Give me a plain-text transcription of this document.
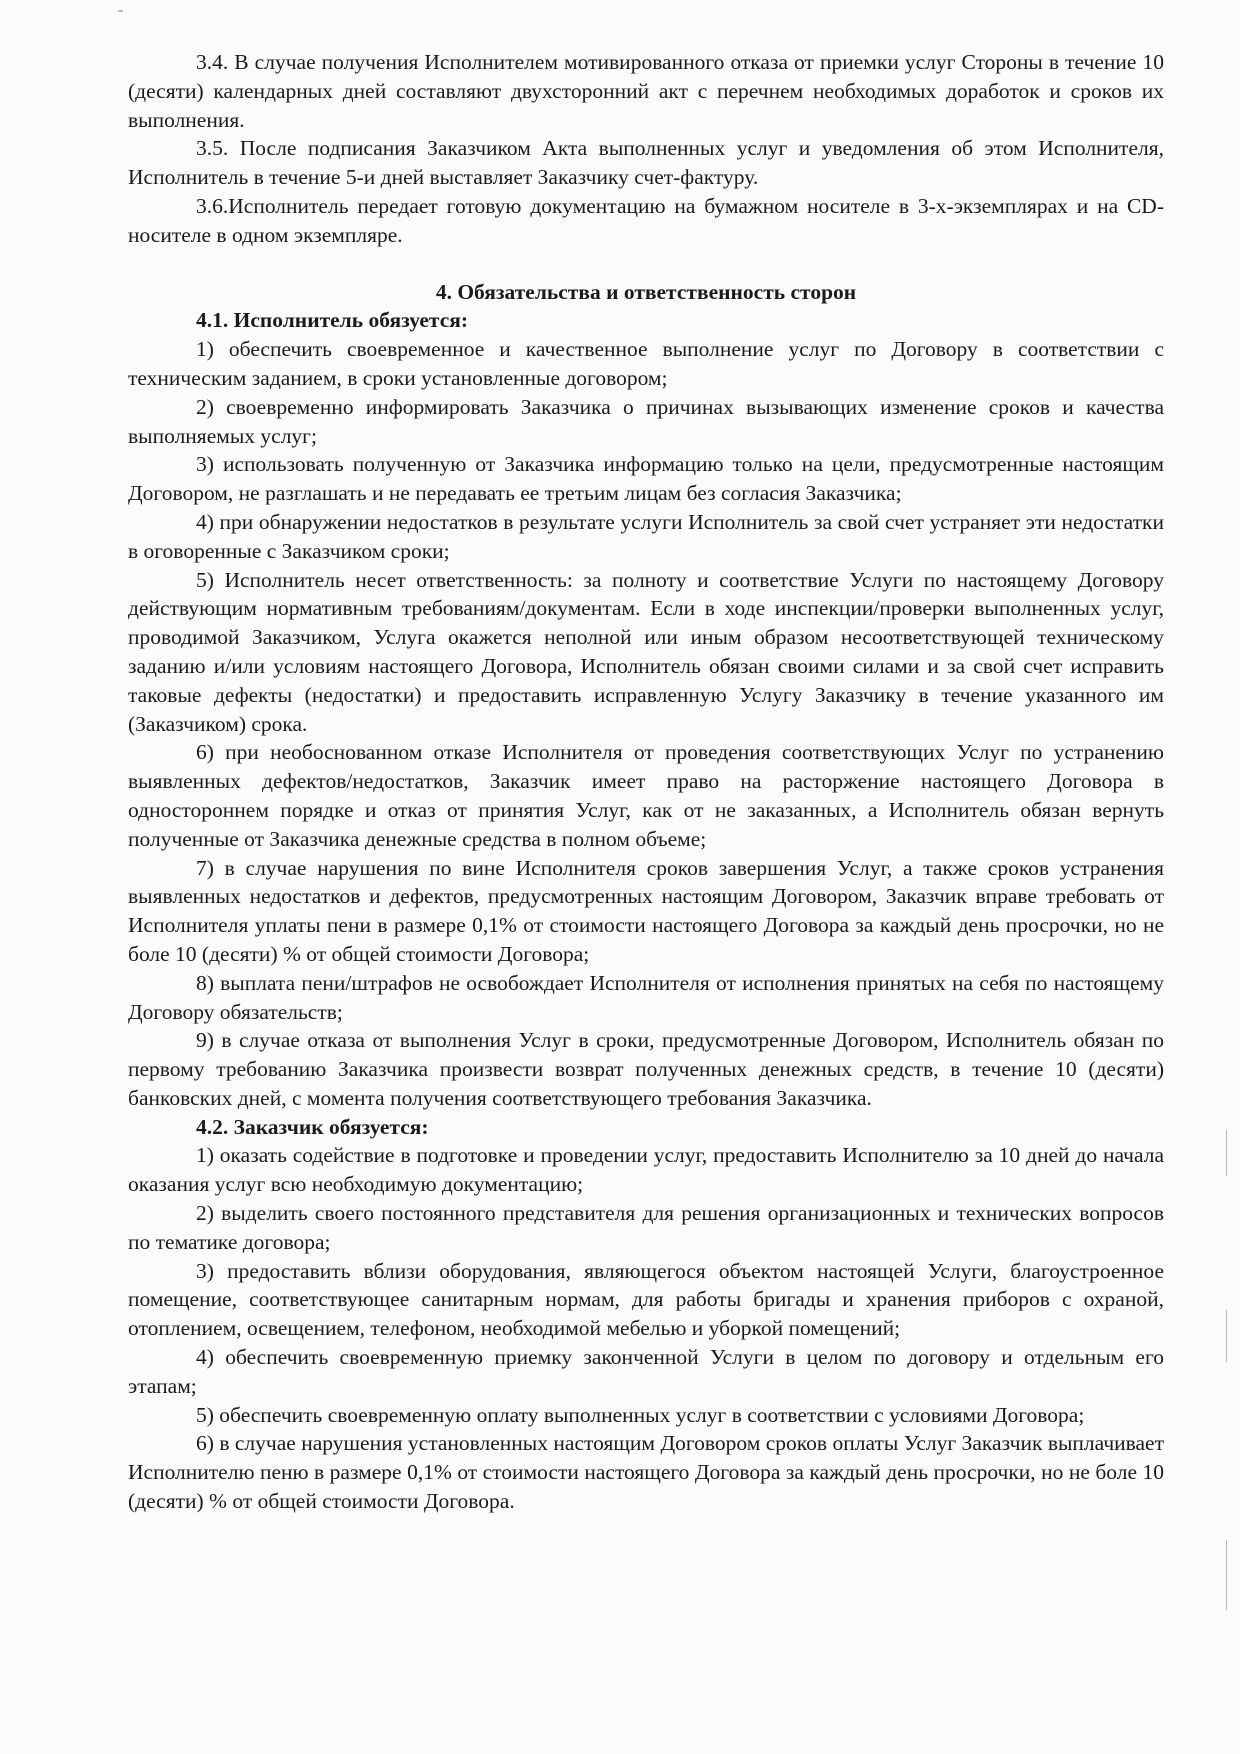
3.4. В случае получения Исполнителем мотивированного отказа от приемки услуг Стороны в течение 10 (десяти) календарных дней составляют двухсторонний акт с перечнем необходимых доработок и сроков их выполнения.

3.5. После подписания Заказчиком Акта выполненных услуг и уведомления об этом Исполнителя, Исполнитель в течение 5-и дней выставляет Заказчику счет-фактуру.

3.6.Исполнитель передает готовую документацию на бумажном носителе в 3-х-экземплярах и на CD-носителе в одном экземпляре.

4. Обязательства и ответственность сторон

4.1. Исполнитель обязуется:

1) обеспечить своевременное и качественное выполнение услуг по Договору в соответствии с техническим заданием, в сроки установленные договором;

2) своевременно информировать Заказчика о причинах вызывающих изменение сроков и качества выполняемых услуг;

3) использовать полученную от Заказчика информацию только на цели, предусмотренные настоящим Договором, не разглашать и не передавать ее третьим лицам без согласия Заказчика;

4) при обнаружении недостатков в результате услуги Исполнитель за свой счет устраняет эти недостатки в оговоренные с Заказчиком сроки;

5) Исполнитель несет ответственность: за полноту и соответствие Услуги по настоящему Договору действующим нормативным требованиям/документам. Если в ходе инспекции/проверки выполненных услуг, проводимой Заказчиком, Услуга окажется неполной или иным образом несоответствующей техническому заданию и/или условиям настоящего Договора, Исполнитель обязан своими силами и за свой счет исправить таковые дефекты (недостатки) и предоставить исправленную Услугу Заказчику в течение указанного им (Заказчиком) срока.

6) при необоснованном отказе Исполнителя от проведения соответствующих Услуг по устранению выявленных дефектов/недостатков, Заказчик имеет право на расторжение настоящего Договора в одностороннем порядке и отказ от принятия Услуг, как от не заказанных, а Исполнитель обязан вернуть полученные от Заказчика денежные средства в полном объеме;

7) в случае нарушения по вине Исполнителя сроков завершения Услуг, а также сроков устранения выявленных недостатков и дефектов, предусмотренных настоящим Договором, Заказчик вправе требовать от Исполнителя уплаты пени в размере 0,1% от стоимости настоящего Договора за каждый день просрочки, но не боле 10 (десяти) % от общей стоимости Договора;

8) выплата пени/штрафов не освобождает Исполнителя от исполнения принятых на себя по настоящему Договору обязательств;

9) в случае отказа от выполнения Услуг в сроки, предусмотренные Договором, Исполнитель обязан по первому требованию Заказчика произвести возврат полученных денежных средств, в течение 10 (десяти) банковских дней, с момента получения соответствующего требования Заказчика.

4.2. Заказчик обязуется:

1) оказать содействие в подготовке и проведении услуг, предоставить Исполнителю за 10 дней до начала оказания услуг всю необходимую документацию;

2) выделить своего постоянного представителя для решения организационных и технических вопросов по тематике договора;

3) предоставить вблизи оборудования, являющегося объектом настоящей Услуги, благоустроенное помещение, соответствующее санитарным нормам, для работы бригады и хранения приборов с охраной, отоплением, освещением, телефоном, необходимой мебелью и уборкой помещений;

4) обеспечить своевременную приемку законченной Услуги в целом по договору и отдельным его этапам;

5) обеспечить своевременную оплату выполненных услуг в соответствии с условиями Договора;

6) в случае нарушения установленных настоящим Договором сроков оплаты Услуг Заказчик выплачивает Исполнителю пеню в размере 0,1% от стоимости настоящего Договора за каждый день просрочки, но не боле 10 (десяти) % от общей стоимости Договора.
